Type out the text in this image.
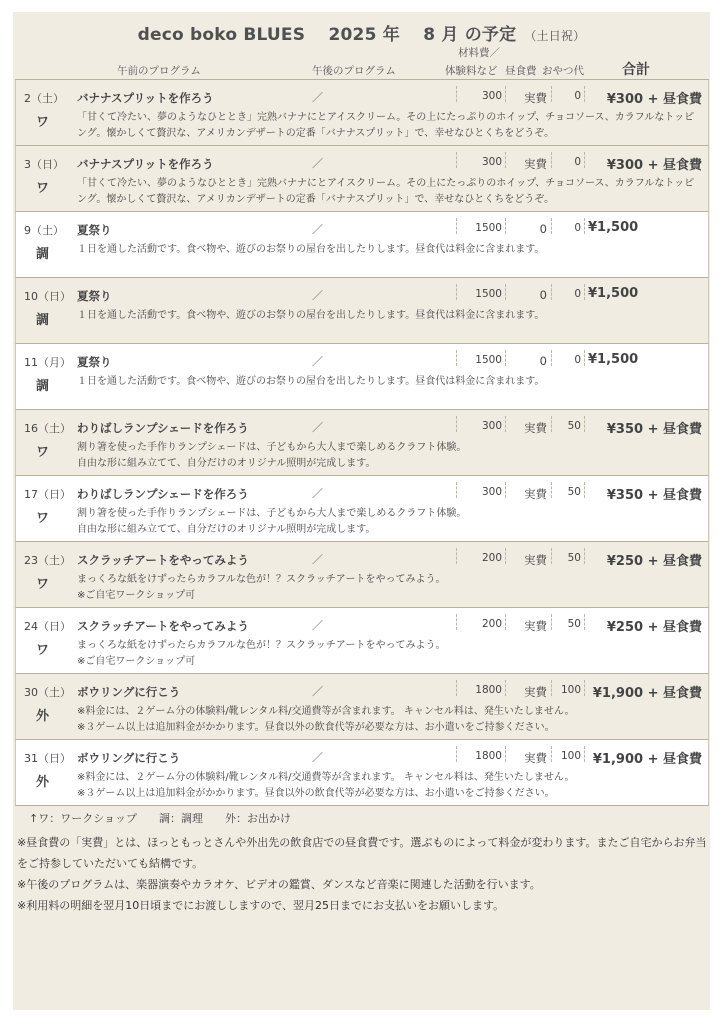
deco boko BLUES　 2025 年　 8 月 の予定 （土日祝）
午前のプログラム	午後のプログラム
材料費／
体験料など 昼食費 おやつ代	合計
2（土）
ワ
バナナスプリットを作ろう	／	300	実費	0	¥300 + 昼食費
「甘くて冷たい、夢のようなひととき」完熟バナナにとアイスクリーム。その上にたっぷりのホイップ、チョコソース、カラフルなトッピング。懐かしくて贅沢な、アメリカンデザートの定番「バナナスプリット」で、幸せなひとくちをどうぞ。
3（日）
ワ
バナナスプリットを作ろう	／	300	実費	0	¥300 + 昼食費
「甘くて冷たい、夢のようなひととき」完熟バナナにとアイスクリーム。その上にたっぷりのホイップ、チョコソース、カラフルなトッピング。懐かしくて贅沢な、アメリカンデザートの定番「バナナスプリット」で、幸せなひとくちをどうぞ。
9（土）
調
夏祭り	／	1500	0	0 ¥1,500
１日を通した活動です。食べ物や、遊びのお祭りの屋台を出したりします。昼食代は料金に含まれます。
10（日）
調
夏祭り	／	1500	0	0 ¥1,500
１日を通した活動です。食べ物や、遊びのお祭りの屋台を出したりします。昼食代は料金に含まれます。
11（月）
調
夏祭り	／	1500	0	0 ¥1,500
１日を通した活動です。食べ物や、遊びのお祭りの屋台を出したりします。昼食代は料金に含まれます。
16（土）
ワ
わりばしランプシェードを作ろう	／	300	実費	50	¥350 + 昼食費
割り箸を使った手作りランプシェードは、子どもから大人まで楽しめるクラフト体験。
自由な形に組み立てて、自分だけのオリジナル照明が完成します。
17（日）
ワ
わりばしランプシェードを作ろう	／	300	実費	50	¥350 + 昼食費
割り箸を使った手作りランプシェードは、子どもから大人まで楽しめるクラフト体験。
自由な形に組み立てて、自分だけのオリジナル照明が完成します。
23（土）
ワ
スクラッチアートをやってみよう	／	200	実費	50	¥250 + 昼食費
まっくろな紙をけずったらカラフルな色が！？スクラッチアートをやってみよう。
※ご自宅ワークショップ可
24（日）
ワ
スクラッチアートをやってみよう	／	200	実費	50	¥250 + 昼食費
まっくろな紙をけずったらカラフルな色が！？スクラッチアートをやってみよう。
※ご自宅ワークショップ可
30（土）
外
ボウリングに行こう	／	1800	実費	100 ¥1,900 + 昼食費
※料金には、２ゲーム分の体験料/靴レンタル料/交通費等が含まれます。 キャンセル料は、発生いたしません。
※３ゲーム以上は追加料金がかかります。昼食以外の飲食代等が必要な方は、お小遣いをご持参ください。
31（日）
外
ボウリングに行こう	／	1800	実費	100 ¥1,900 + 昼食費
※料金には、２ゲーム分の体験料/靴レンタル料/交通費等が含まれます。 キャンセル料は、発生いたしません。
※３ゲーム以上は追加料金がかかります。昼食以外の飲食代等が必要な方は、お小遣いをご持参ください。
↑ワ：ワークショップ　　調：調理　　外：お出かけ

※昼食費の「実費」とは、ほっともっとさんや外出先の飲食店での昼食費です。選ぶものによって料金が変わります。またご自宅からお弁当をご持参していただいても結構です。

※午後のプログラムは、楽器演奏やカラオケ、ビデオの鑑賞、ダンスなど音楽に関連した活動を行います。

※利用料の明細を翌月10日頃までにお渡ししますので、翌月25日までにお支払いをお願いします。
